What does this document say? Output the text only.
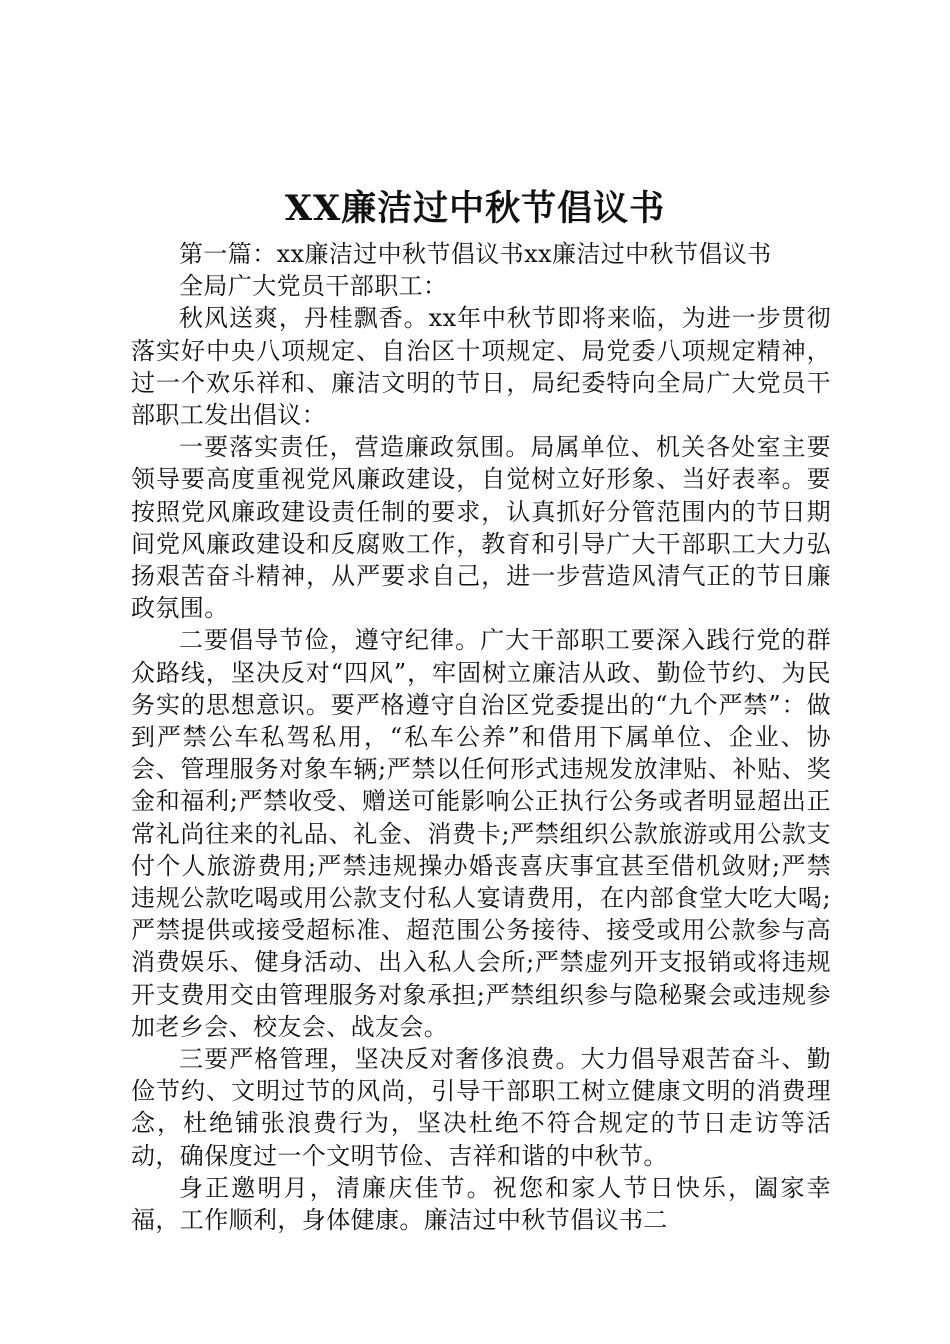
XX廉洁过中秋节倡议书

第一篇：xx廉洁过中秋节倡议书xx廉洁过中秋节倡议书

全局广大党员干部职工：

秋风送爽，丹桂飘香。xx年中秋节即将来临，为进一步贯彻落实好中央八项规定、自治区十项规定、局党委八项规定精神，过一个欢乐祥和、廉洁文明的节日，局纪委特向全局广大党员干部职工发出倡议：

一要落实责任，营造廉政氛围。局属单位、机关各处室主要领导要高度重视党风廉政建设，自觉树立好形象、当好表率。要按照党风廉政建设责任制的要求，认真抓好分管范围内的节日期间党风廉政建设和反腐败工作，教育和引导广大干部职工大力弘扬艰苦奋斗精神，从严要求自己，进一步营造风清气正的节日廉政氛围。

二要倡导节俭，遵守纪律。广大干部职工要深入践行党的群众路线，坚决反对“四风”，牢固树立廉洁从政、勤俭节约、为民务实的思想意识。要严格遵守自治区党委提出的“九个严禁”：做到严禁公车私驾私用，“私车公养”和借用下属单位、企业、协会、管理服务对象车辆;严禁以任何形式违规发放津贴、补贴、奖金和福利;严禁收受、赠送可能影响公正执行公务或者明显超出正常礼尚往来的礼品、礼金、消费卡;严禁组织公款旅游或用公款支付个人旅游费用;严禁违规操办婚丧喜庆事宜甚至借机敛财;严禁违规公款吃喝或用公款支付私人宴请费用，在内部食堂大吃大喝;严禁提供或接受超标准、超范围公务接待、接受或用公款参与高消费娱乐、健身活动、出入私人会所;严禁虚列开支报销或将违规开支费用交由管理服务对象承担;严禁组织参与隐秘聚会或违规参加老乡会、校友会、战友会。

三要严格管理，坚决反对奢侈浪费。大力倡导艰苦奋斗、勤俭节约、文明过节的风尚，引导干部职工树立健康文明的消费理念，杜绝铺张浪费行为，坚决杜绝不符合规定的节日走访等活动，确保度过一个文明节俭、吉祥和谐的中秋节。

身正邀明月，清廉庆佳节。祝您和家人节日快乐，阖家幸福，工作顺利，身体健康。廉洁过中秋节倡议书二
